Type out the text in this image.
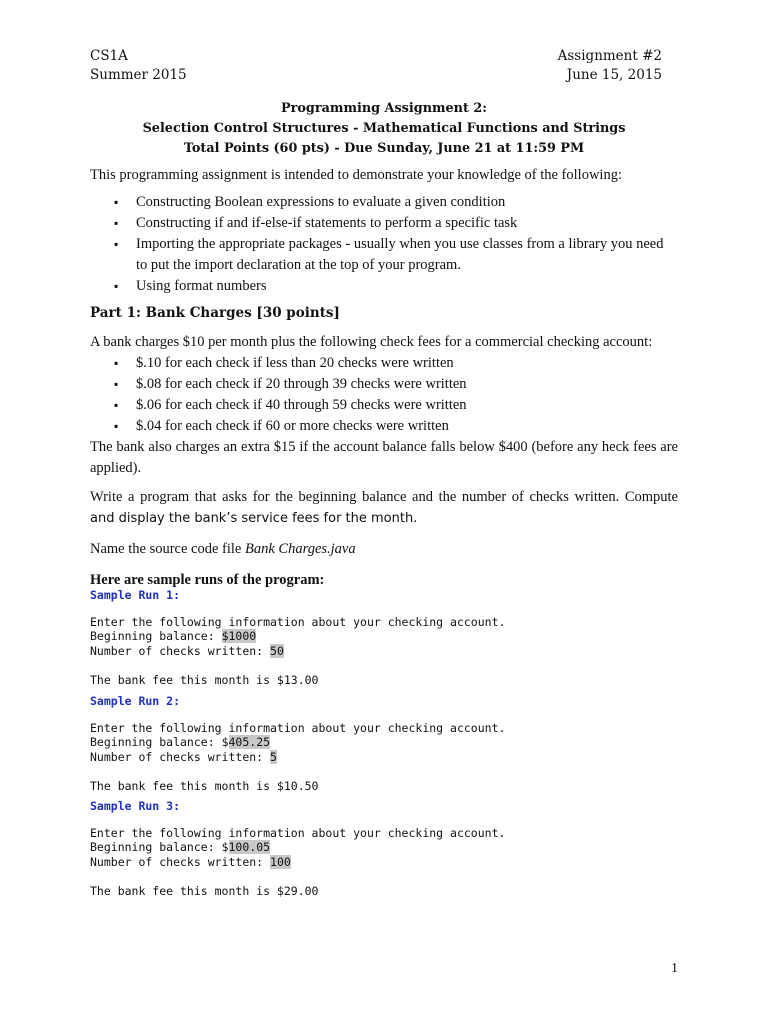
CS1A
Summer 2015
Assignment #2
June 15, 2015
Programming Assignment 2:
Selection Control Structures - Mathematical Functions and Strings
Total Points (60 pts) - Due Sunday, June 21 at 11:59 PM
This programming assignment is intended to demonstrate your knowledge of the following:
▪ Constructing Boolean expressions to evaluate a given condition
▪ Constructing if and if-else-if statements to perform a specific task
▪ Importing the appropriate packages - usually when you use classes from a library you need to put the import declaration at the top of your program.
▪ Using format numbers
Part 1: Bank Charges [30 points]
A bank charges $10 per month plus the following check fees for a commercial checking account:
▪ $.10 for each check if less than 20 checks were written
▪ $.08 for each check if 20 through 39 checks were written
▪ $.06 for each check if 40 through 59 checks were written
▪ $.04 for each check if 60 or more checks were written
The bank also charges an extra $15 if the account balance falls below $400 (before any heck fees are applied).
Write a program that asks for the beginning balance and the number of checks written. Compute
and display the bank’s service fees for the month.
Name the source code file Bank Charges.java
Here are sample runs of the program:
Sample Run 1:
Enter the following information about your checking account.
Beginning balance: $1000
Number of checks written: 50
The bank fee this month is $13.00
Sample Run 2:
Enter the following information about your checking account.
Beginning balance: $405.25
Number of checks written: 5
The bank fee this month is $10.50
Sample Run 3:
Enter the following information about your checking account.
Beginning balance: $100.05
Number of checks written: 100
The bank fee this month is $29.00
1
